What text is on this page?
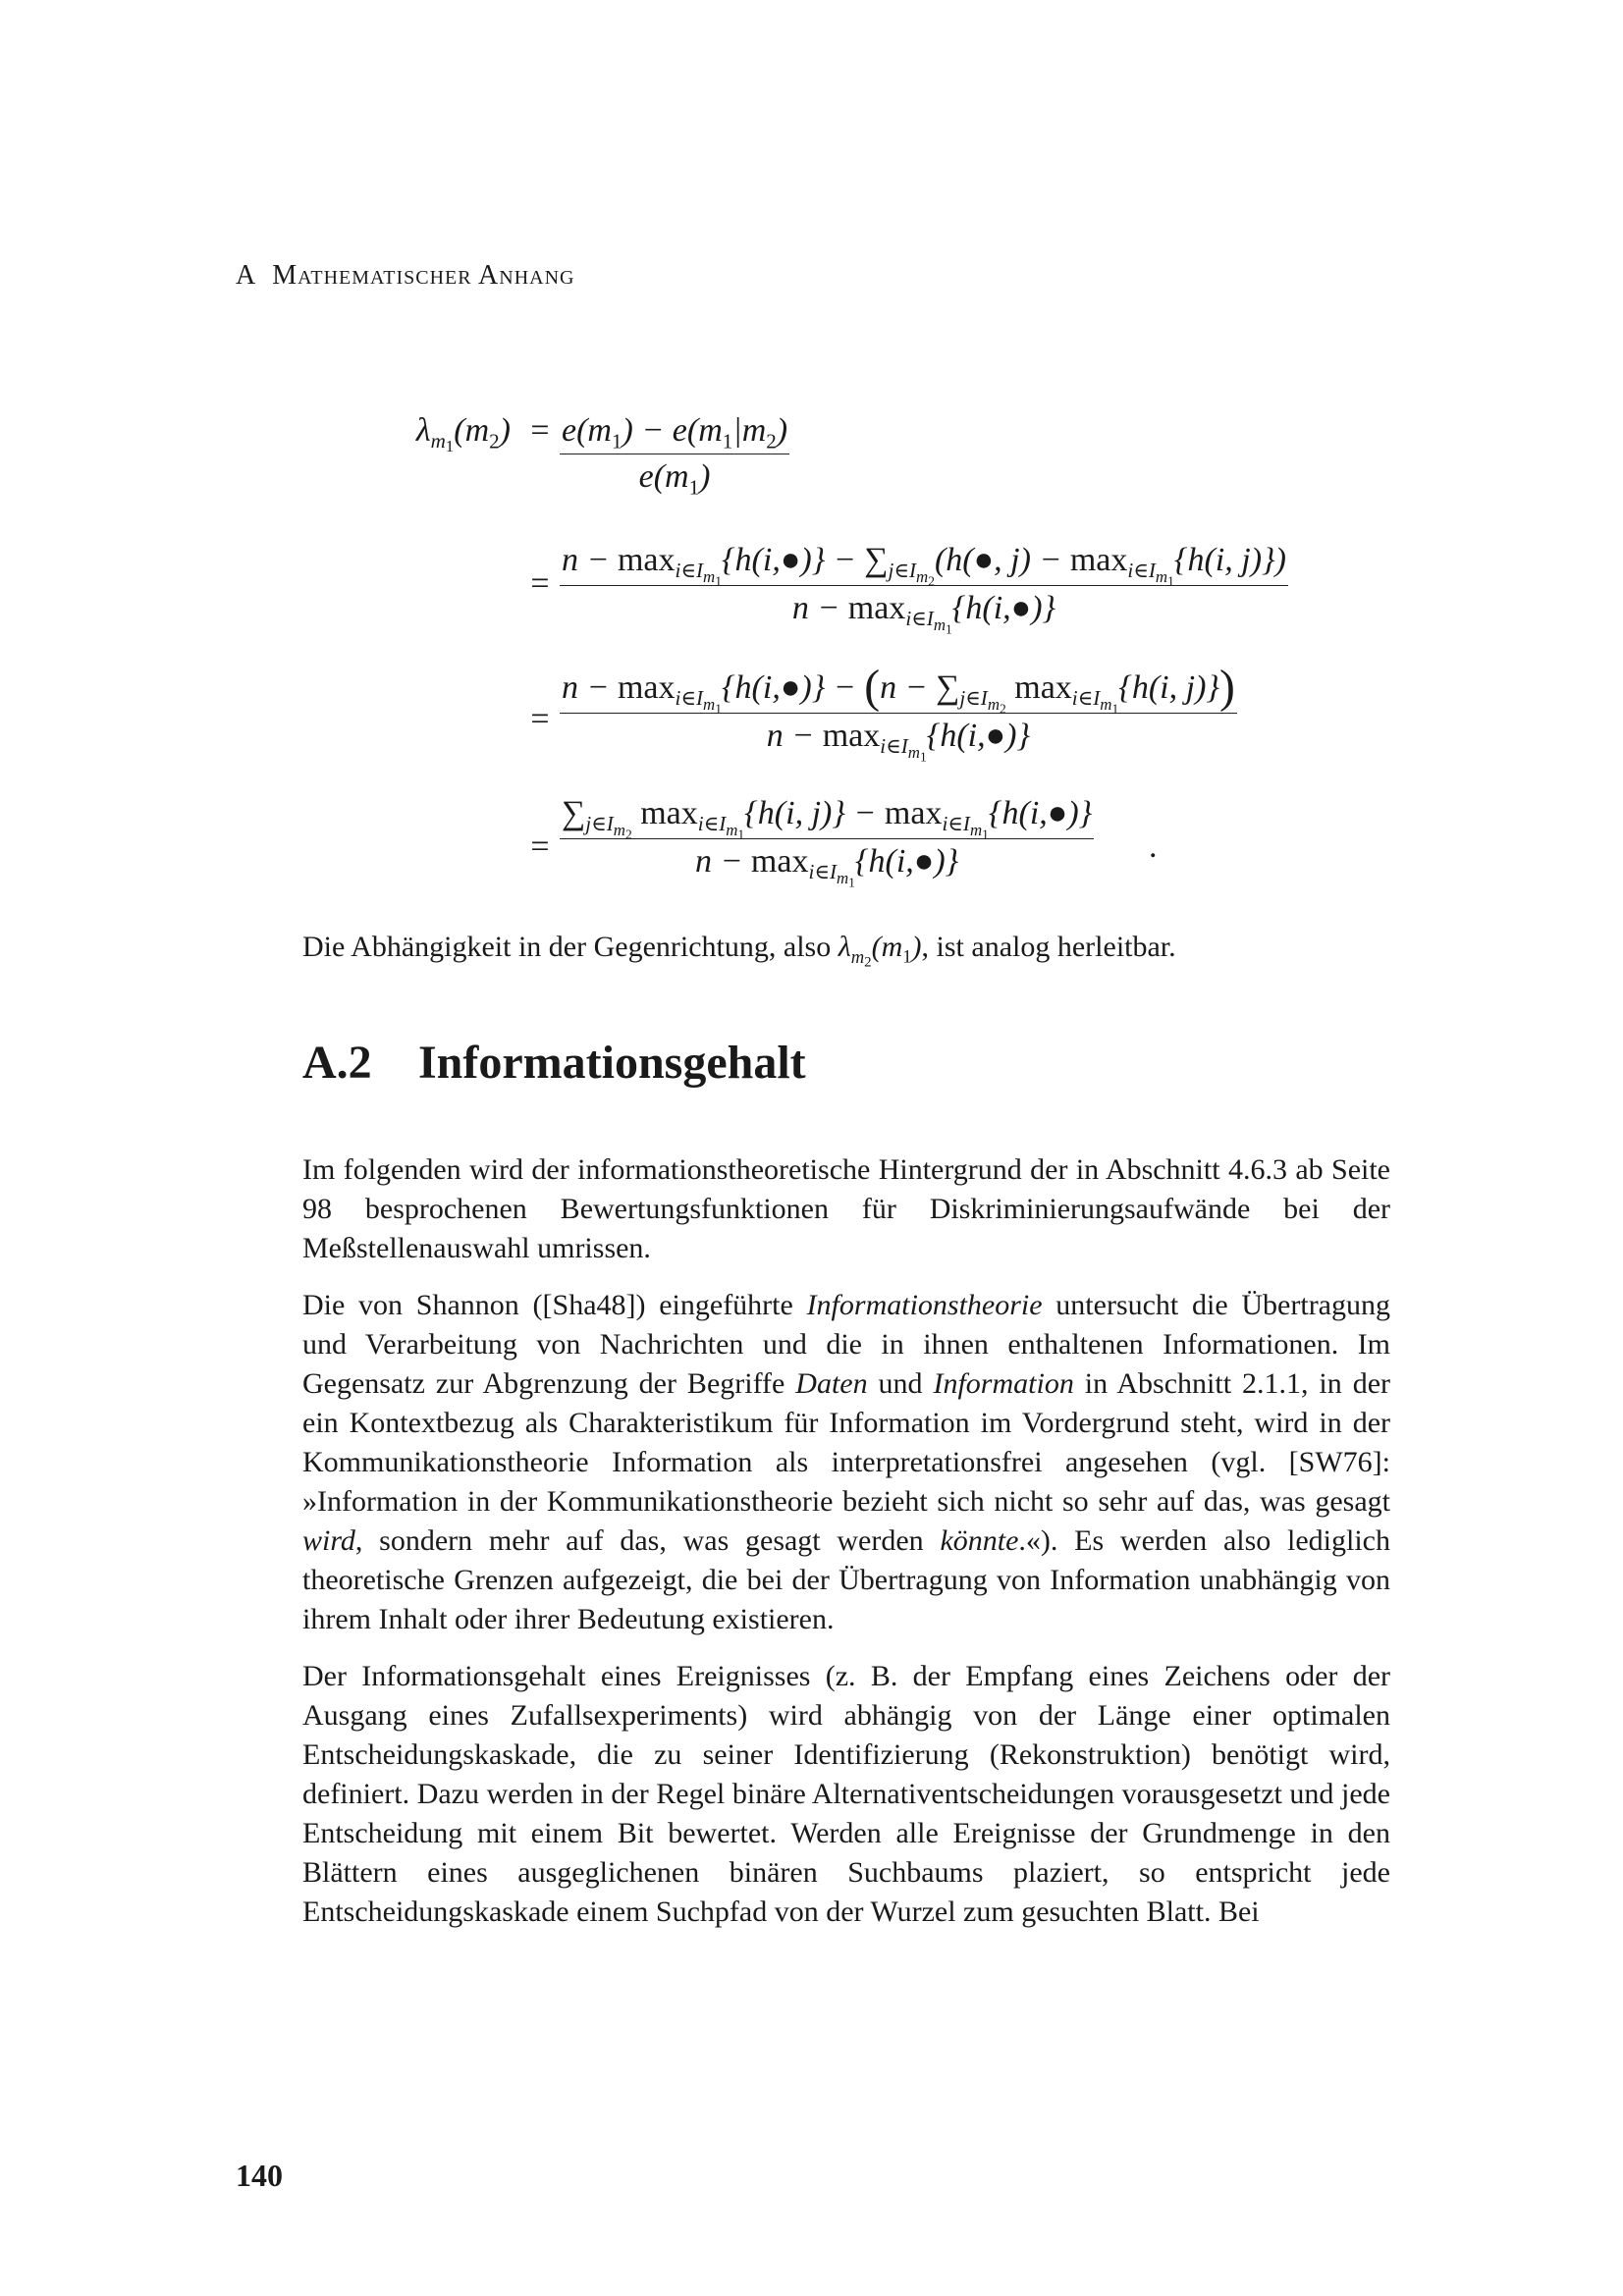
A Mathematischer Anhang
$\lambda_{m_1}(m_2) = e(m_1) - e(m_1|m_2)$
$e(m_1)$
=
$n - \max_{i\in I_{m_1}}\{h(i,●)\}$ − $\sum_{j\in I_{m_2}}(h(●$, $j) - \max_{i\in I_{m_1}}\{h(i$, j)})
$n - \max_{i\in I_{m_1}}\{h(i,●)\}$
=
$n - \max_{i\in I_{m_1}}\{h(i,●)\} - (n - \sum_{j\in I_{m_2}}$ $\max_{i\in I_{m_1}}\{h(i$, j)})
$n - \max_{i\in I_{m_1}}\{h(i,●)\}$
=
$\sum_{j\in I_{m_2}}$ $\max_{i\in I_{m_1}}\{h(i$, $j)\} - \max_{i\in I_{m_1}}\{h(i,●)\}$
$n - \max_{i\in I_{m_1}}\{h(i,●)\}$	.
Die Abhängigkeit in der Gegenrichtung, also $\lambda_{m_2}(m_1)$, ist analog herleitbar.
A.2 Informationsgehalt

Im folgenden wird der informationstheoretische Hintergrund der in Abschnitt 4.6.3 ab Seite 98 besprochenen Bewertungsfunktionen für Diskriminierungsaufwände bei der Meßstellenauswahl umrissen.

Die von Shannon ([Sha48]) eingeführte Informationstheorie untersucht die Übertragung und Verarbeitung von Nachrichten und die in ihnen enthaltenen Informationen. Im Gegensatz zur Abgrenzung der Begriffe Daten und Information in Abschnitt 2.1.1, in der ein Kontextbezug als Charakteristikum für Information im Vordergrund steht, wird in der Kommunikationstheorie Information als interpretationsfrei angesehen (vgl. [SW76]: »Information in der Kommunikationstheorie bezieht sich nicht so sehr auf das, was gesagt wird, sondern mehr auf das, was gesagt werden könnte.«). Es werden also lediglich theoretische Grenzen aufgezeigt, die bei der Übertragung von Information unabhängig von ihrem Inhalt oder ihrer Bedeutung existieren.

Der Informationsgehalt eines Ereignisses (z. B. der Empfang eines Zeichens oder der Ausgang eines Zufallsexperiments) wird abhängig von der Länge einer optimalen Entscheidungskaskade, die zu seiner Identifizierung (Rekonstruktion) benötigt wird, definiert. Dazu werden in der Regel binäre Alternativentscheidungen vorausgesetzt und jede Entscheidung mit einem Bit bewertet. Werden alle Ereignisse der Grundmenge in den Blättern eines ausgeglichenen binären Suchbaums plaziert, so entspricht jede Entscheidungskaskade einem Suchpfad von der Wurzel zum gesuchten Blatt. Bei

140
